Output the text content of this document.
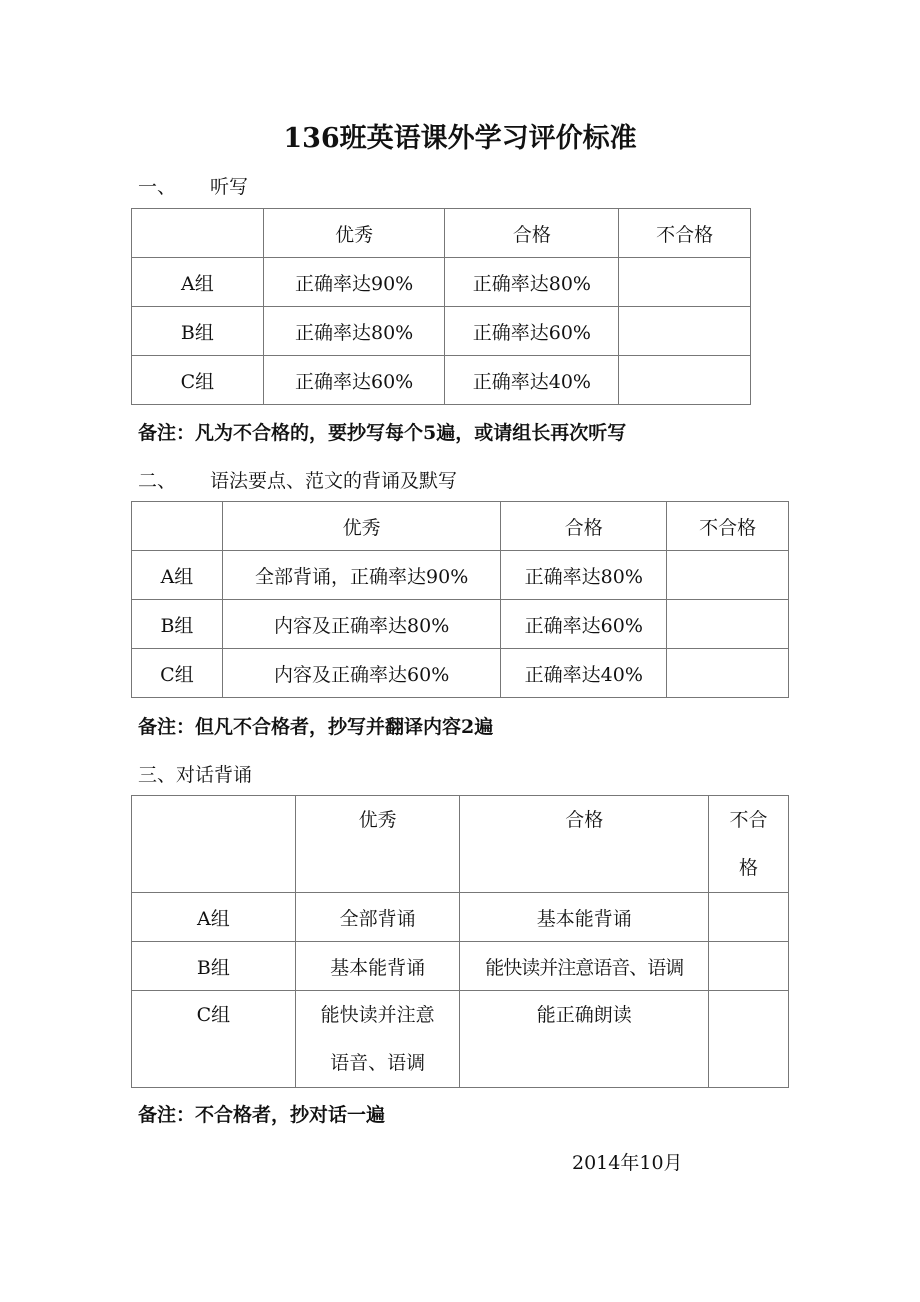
136班英语课外学习评价标准
一、 听写
	优秀	合格	不合格
A组	正确率达90%	正确率达80%	
B组	正确率达80%	正确率达60%	
C组	正确率达60%	正确率达40%	
备注：凡为不合格的，要抄写每个5遍，或请组长再次听写
二、 语法要点、范文的背诵及默写
	优秀	合格	不合格
A组	全部背诵，正确率达90%	正确率达80%	
B组	内容及正确率达80%	正确率达60%	
C组	内容及正确率达60%	正确率达40%	
备注：但凡不合格者，抄写并翻译内容2遍
三、对话背诵
	优秀	合格	不合格
A组	全部背诵	基本能背诵	
B组	基本能背诵	能快读并注意语音、语调	
C组	能快读并注意语音、语调	能正确朗读	
备注：不合格者，抄对话一遍
2014年10月
